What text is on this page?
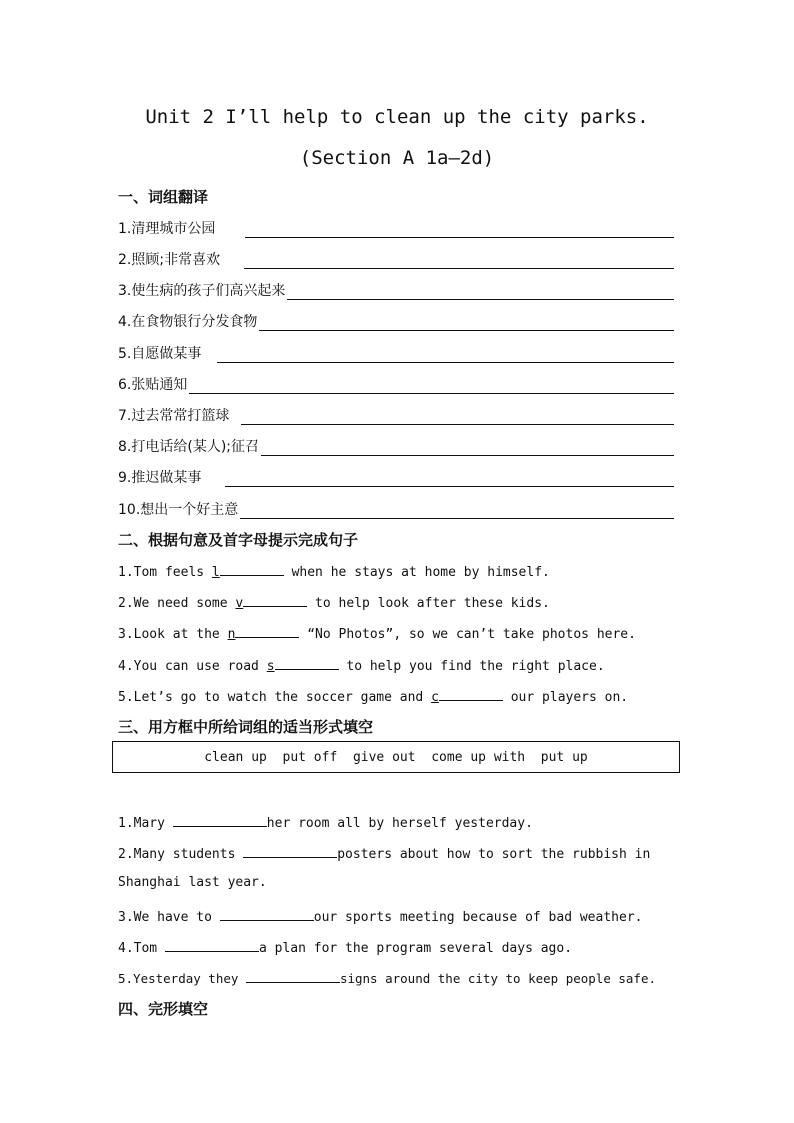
Unit 2 I’ll help to clean up the city parks.
(Section A 1a—2d)
一、词组翻译
1.清理城市公园
2.照顾;非常喜欢
3.使生病的孩子们高兴起来
4.在食物银行分发食物
5.自愿做某事
6.张贴通知
7.过去常常打篮球
8.打电话给(某人);征召
9.推迟做某事
10.想出一个好主意
二、根据句意及首字母提示完成句子
1.Tom feels l	when he stays at home by himself.
2.We need some v	to help look after these kids.
3.Look at the n	“No Photos”, so we can’t take photos here.
4.You can use road s	to help you find the right place.
5.Let’s go to watch the soccer game and c	our players on.
三、用方框中所给词组的适当形式填空
clean up  put off  give out  come up with  put up
1.Mary	her room all by herself yesterday.
2.Many students	posters about how to sort the rubbish in
Shanghai last year.
3.We have to	our sports meeting because of bad weather.
4.Tom	a plan for the program several days ago.
5.Yesterday they	signs around the city to keep people safe.
四、完形填空
